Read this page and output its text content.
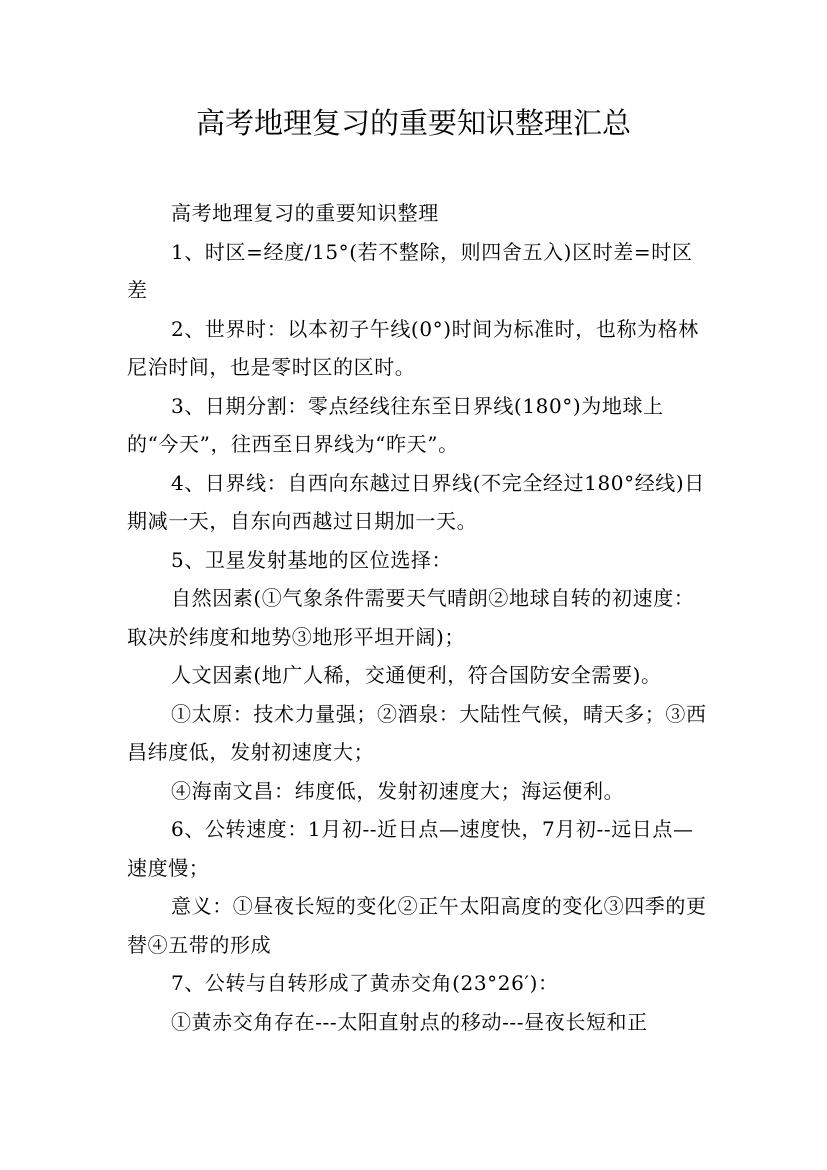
高考地理复习的重要知识整理汇总

高考地理复习的重要知识整理

1、时区=经度/15°(若不整除，则四舍五入)区时差=时区差

2、世界时：以本初子午线(0°)时间为标准时，也称为格林尼治时间，也是零时区的区时。

3、日期分割：零点经线往东至日界线(180°)为地球上的“今天”，往西至日界线为“昨天”。

4、日界线：自西向东越过日界线(不完全经过180°经线)日期减一天，自东向西越过日期加一天。

5、卫星发射基地的区位选择：

自然因素(①气象条件需要天气晴朗②地球自转的初速度：取决於纬度和地势③地形平坦开阔)；

人文因素(地广人稀，交通便利，符合国防安全需要)。

①太原：技术力量强；②酒泉：大陆性气候，晴天多；③西昌纬度低，发射初速度大；

④海南文昌：纬度低，发射初速度大；海运便利。

6、公转速度：1月初--近日点—速度快，7月初--远日点—速度慢；

意义：①昼夜长短的变化②正午太阳高度的变化③四季的更替④五带的形成

7、公转与自转形成了黄赤交角(23°26′)：

①黄赤交角存在---太阳直射点的移动---昼夜长短和正
